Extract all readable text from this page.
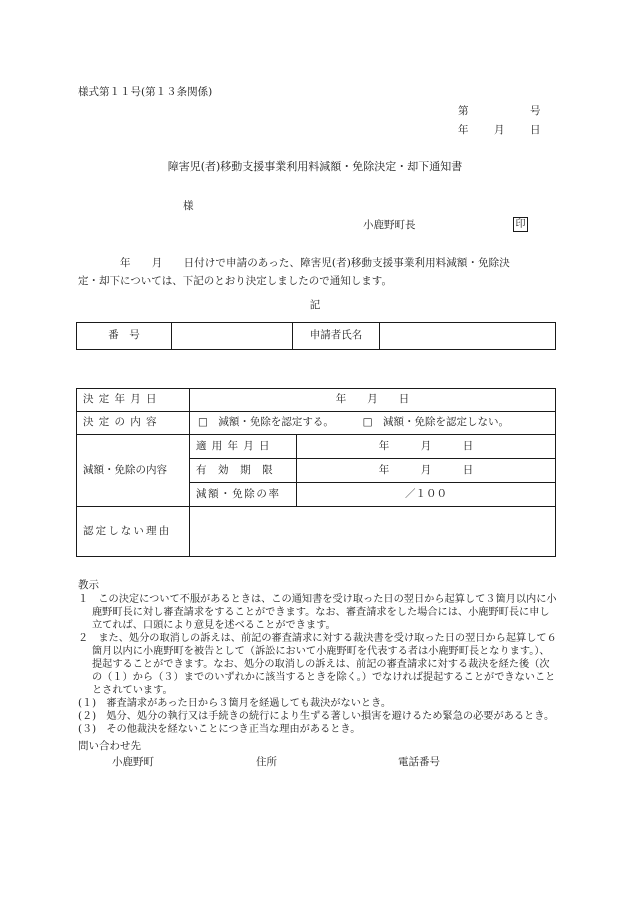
様式第１１号(第１３条関係)
第	号
年 月 日
障害児(者)移動支援事業利用料減額・免除決定・却下通知書
様
小鹿野町長	印
年　　月　　日付けで申請のあった、障害児(者)移動支援事業利用料減額・免除決
定・却下については、下記のとおり決定しましたので通知します。
記
番　号		申請者氏名	
決定年月日	年　　月　　日	
決定の内容	□　減額・免除を認定する。 □　減額・免除を認定しない。	
減額・免除の内容	適用年月日	年　　　月　　　日
	有効期限	年　　　月　　　日
	減額・免除の率	／１００
認定しない理由		
教示
１　この決定について不服があるときは、この通知書を受け取った日の翌日から起算して３箇月以内に小鹿野町長に対し審査請求をすることができます。なお、審査請求をした場合には、小鹿野町長に申し立てれば、口頭により意見を述べることができます。
２　また、処分の取消しの訴えは、前記の審査請求に対する裁決書を受け取った日の翌日から起算して６箇月以内に小鹿野町を被告として（訴訟において小鹿野町を代表する者は小鹿野町長となります。）、提起することができます。なお、処分の取消しの訴えは、前記の審査請求に対する裁決を経た後（次の（１）から（３）までのいずれかに該当するときを除く。）でなければ提起することができないこととされています。
(１)　審査請求があった日から３箇月を経過しても裁決がないとき。
(２)　処分、処分の執行又は手続きの続行により生ずる著しい損害を避けるため緊急の必要があるとき。
(３)　その他裁決を経ないことにつき正当な理由があるとき。
問い合わせ先
小鹿野町	住所	電話番号
